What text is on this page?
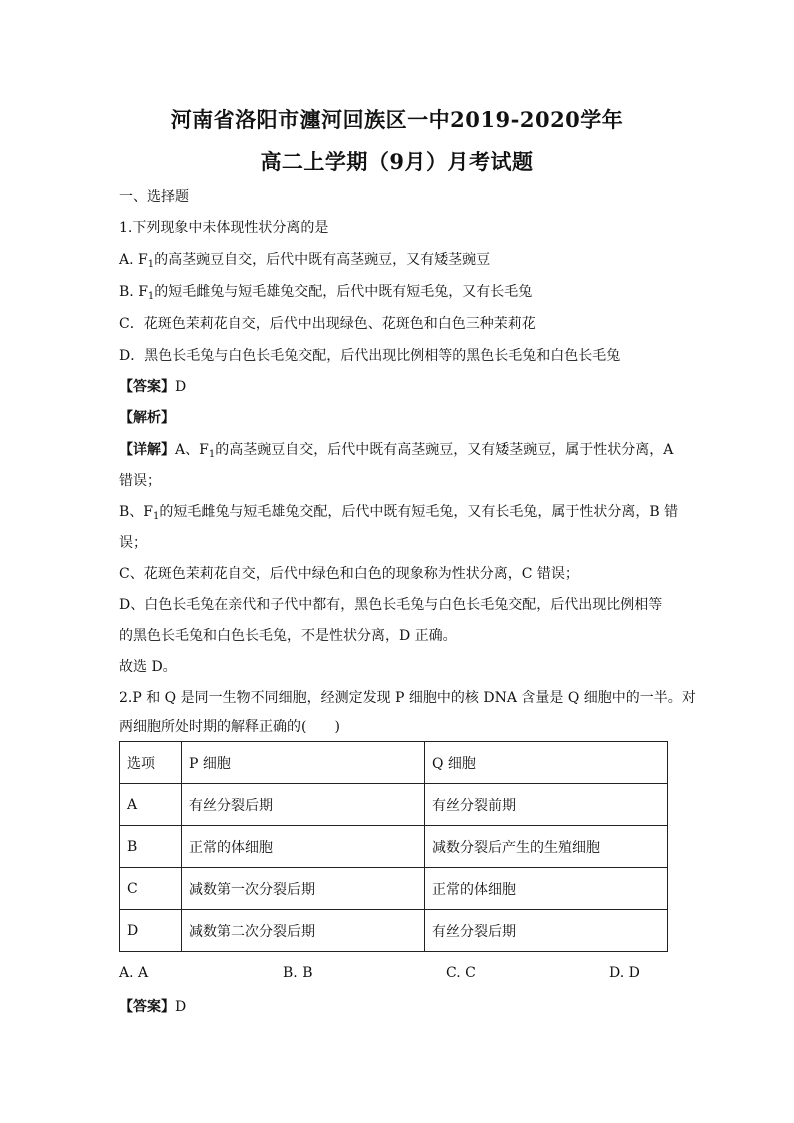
河南省洛阳市瀍河回族区一中2019-2020学年
高二上学期（9月）月考试题
一、选择题
1.下列现象中未体现性状分离的是
A. $F_1$的高茎豌豆自交，后代中既有高茎豌豆，又有矮茎豌豆
B. $F_1$的短毛雌兔与短毛雄兔交配，后代中既有短毛兔，又有长毛兔
C．花斑色茉莉花自交，后代中出现绿色、花斑色和白色三种茉莉花
D．黑色长毛兔与白色长毛兔交配，后代出现比例相等的黑色长毛兔和白色长毛兔
【答案】D
【解析】
【详解】A、$F_1$的高茎豌豆自交，后代中既有高茎豌豆，又有矮茎豌豆，属于性状分离，A
错误；
B、$F_1$的短毛雌兔与短毛雄兔交配，后代中既有短毛兔，又有长毛兔，属于性状分离，B 错
误；
C、花斑色茉莉花自交，后代中绿色和白色的现象称为性状分离，C 错误；
D、白色长毛兔在亲代和子代中都有，黑色长毛兔与白色长毛兔交配，后代出现比例相等
的黑色长毛兔和白色长毛兔，不是性状分离，D 正确。
故选 D。
2.P 和 Q 是同一生物不同细胞，经测定发现 P 细胞中的核 DNA 含量是 Q 细胞中的一半。对
两细胞所处时期的解释正确的(　　)
选项	P 细胞	Q 细胞
A	有丝分裂后期	有丝分裂前期
B	正常的体细胞	减数分裂后产生的生殖细胞
C	减数第一次分裂后期	正常的体细胞
D	减数第二次分裂后期	有丝分裂后期
A. A	B. B	C. C	D. D
【答案】D
